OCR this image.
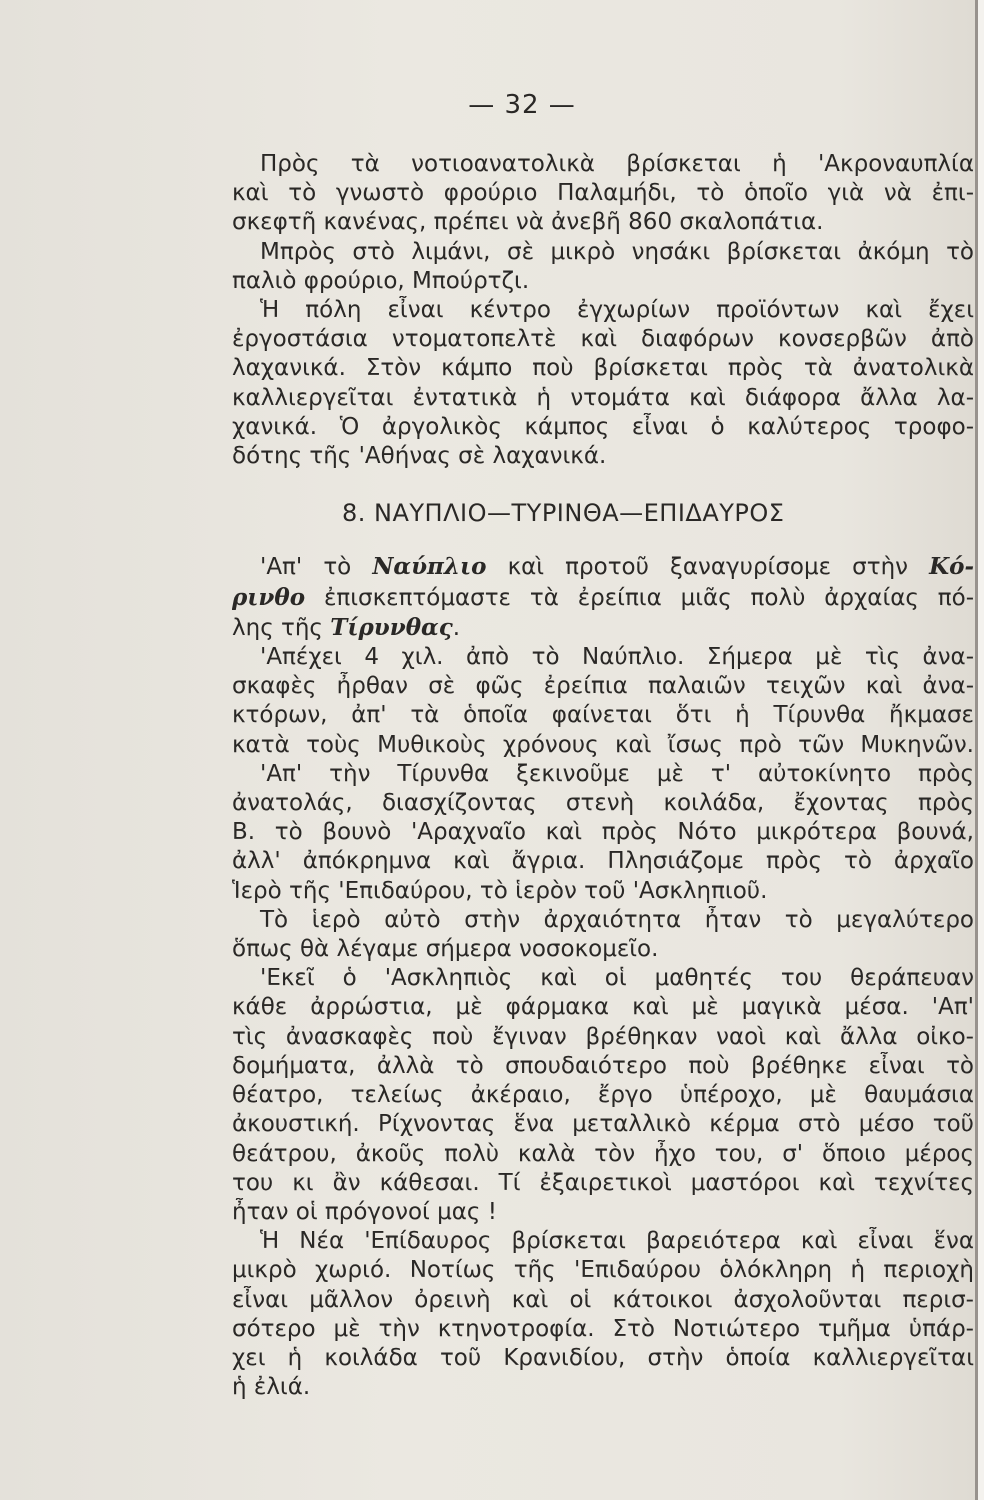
— 32 —
Πρὸς τὰ νοτιοανατολικὰ βρίσκεται ἡ 'Ακροναυπλία
καὶ τὸ γνωστὸ φρούριο Παλαμήδι, τὸ ὁποῖο γιὰ νὰ ἐπι-
σκεφτῆ κανένας, πρέπει νὰ ἀνεβῆ 860 σκαλοπάτια.
Μπρὸς στὸ λιμάνι, σὲ μικρὸ νησάκι βρίσκεται ἀκόμη τὸ
παλιὸ φρούριο, Μπούρτζι.
Ἡ πόλη εἶναι κέντρο ἐγχωρίων προϊόντων καὶ ἔχει
ἐργοστάσια ντοματοπελτὲ καὶ διαφόρων κονσερβῶν ἀπὸ
λαχανικά. Στὸν κάμπο ποὺ βρίσκεται πρὸς τὰ ἀνατολικὰ
καλλιεργεῖται ἐντατικὰ ἡ ντομάτα καὶ διάφορα ἄλλα λα-
χανικά. Ὁ ἀργολικὸς κάμπος εἶναι ὁ καλύτερος τροφο-
δότης τῆς 'Αθήνας σὲ λαχανικά.
8. ΝΑΥΠΛΙΟ—ΤΥΡΙΝΘΑ—ΕΠΙΔΑΥΡΟΣ
'Απ' τὸ Ναύπλιο καὶ προτοῦ ξαναγυρίσομε στὴν Κό-
ρινθο ἐπισκεπτόμαστε τὰ ἐρείπια μιᾶς πολὺ ἀρχαίας πό-
λης τῆς Τίρυνθας.
'Απέχει 4 χιλ. ἀπὸ τὸ Ναύπλιο. Σήμερα μὲ τὶς ἀνα-
σκαφὲς ἦρθαν σὲ φῶς ἐρείπια παλαιῶν τειχῶν καὶ ἀνα-
κτόρων, ἀπ' τὰ ὁποῖα φαίνεται ὅτι ἡ Τίρυνθα ἤκμασε
κατὰ τοὺς Μυθικοὺς χρόνους καὶ ἴσως πρὸ τῶν Μυκηνῶν.
'Απ' τὴν Τίρυνθα ξεκινοῦμε μὲ τ' αὐτοκίνητο πρὸς
ἀνατολάς, διασχίζοντας στενὴ κοιλάδα, ἔχοντας πρὸς
Β. τὸ βουνὸ 'Αραχναῖο καὶ πρὸς Νότο μικρότερα βουνά,
ἀλλ' ἀπόκρημνα καὶ ἄγρια. Πλησιάζομε πρὸς τὸ ἀρχαῖο
Ἱερὸ τῆς 'Επιδαύρου, τὸ ἱερὸν τοῦ 'Ασκληπιοῦ.
Τὸ ἱερὸ αὐτὸ στὴν ἀρχαιότητα ἦταν τὸ μεγαλύτερο
ὅπως θὰ λέγαμε σήμερα νοσοκομεῖο.
'Εκεῖ ὁ 'Ασκληπιὸς καὶ οἱ μαθητές του θεράπευαν
κάθε ἀρρώστια, μὲ φάρμακα καὶ μὲ μαγικὰ μέσα. 'Απ'
τὶς ἀνασκαφὲς ποὺ ἔγιναν βρέθηκαν ναοὶ καὶ ἄλλα οἰκο-
δομήματα, ἀλλὰ τὸ σπουδαιότερο ποὺ βρέθηκε εἶναι τὸ
θέατρο, τελείως ἀκέραιο, ἔργο ὑπέροχο, μὲ θαυμάσια
ἀκουστική. Ρίχνοντας ἕνα μεταλλικὸ κέρμα στὸ μέσο τοῦ
θεάτρου, ἀκοῦς πολὺ καλὰ τὸν ἦχο του, σ' ὅποιο μέρος
του κι ἂν κάθεσαι. Τί ἐξαιρετικοὶ μαστόροι καὶ τεχνίτες
ἦταν οἱ πρόγονοί μας !
Ἡ Νέα 'Επίδαυρος βρίσκεται βαρειότερα καὶ εἶναι ἕνα
μικρὸ χωριό. Νοτίως τῆς 'Επιδαύρου ὁλόκληρη ἡ περιοχὴ
εἶναι μᾶλλον ὀρεινὴ καὶ οἱ κάτοικοι ἀσχολοῦνται περισ-
σότερο μὲ τὴν κτηνοτροφία. Στὸ Νοτιώτερο τμῆμα ὑπάρ-
χει ἡ κοιλάδα τοῦ Κρανιδίου, στὴν ὁποία καλλιεργεῖται
ἡ ἐλιά.
